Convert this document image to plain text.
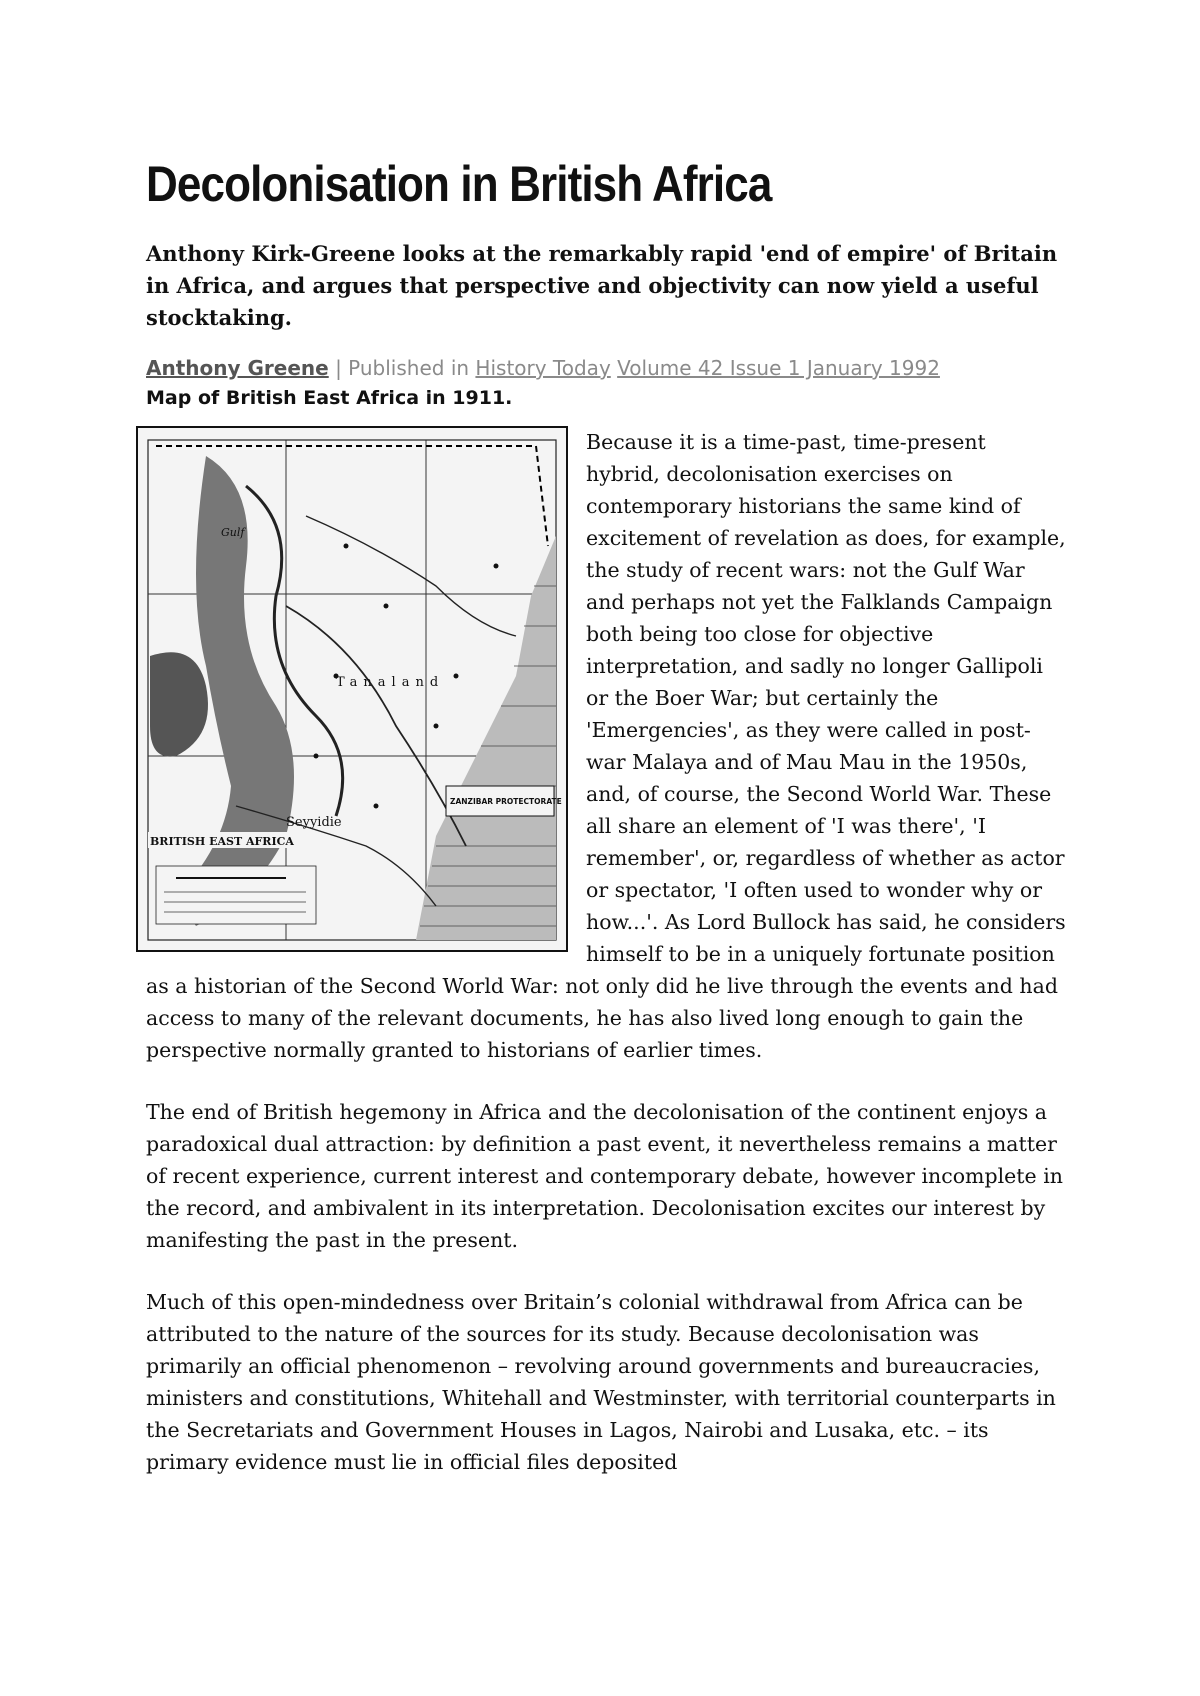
Decolonisation in British Africa

Anthony Kirk-Greene looks at the remarkably rapid 'end of empire' of Britain in Africa, and argues that perspective and objectivity can now yield a useful stocktaking.

Anthony Greene | Published in History Today Volume 42 Issue 1 January 1992
Map of British East Africa in 1911.
Tanaland
Seyyidie
Gulf
ZANZIBAR PROTECTORATE
BRITISH EAST AFRICA

Because it is a time-past, time-present hybrid, decolonisation exercises on contemporary historians the same kind of excitement of revelation as does, for example, the study of recent wars: not the Gulf War and perhaps not yet the Falklands Campaign both being too close for objective interpretation, and sadly no longer Gallipoli or the Boer War; but certainly the 'Emergencies', as they were called in post-war Malaya and of Mau Mau in the 1950s, and, of course, the Second World War. These all share an element of 'I was there', 'I remember', or, regardless of whether as actor or spectator, 'I often used to wonder why or how...'. As Lord Bullock has said, he considers himself to be in a uniquely fortunate position as a historian of the Second World War: not only did he live through the events and had access to many of the relevant documents, he has also lived long enough to gain the perspective normally granted to historians of earlier times.

The end of British hegemony in Africa and the decolonisation of the continent enjoys a paradoxical dual attraction: by definition a past event, it nevertheless remains a matter of recent experience, current interest and contemporary debate, however incomplete in the record, and ambivalent in its interpretation. Decolonisation excites our interest by manifesting the past in the present.

Much of this open-mindedness over Britain’s colonial withdrawal from Africa can be attributed to the nature of the sources for its study. Because decolonisation was primarily an official phenomenon – revolving around governments and bureaucracies, ministers and constitutions, Whitehall and Westminster, with territorial counterparts in the Secretariats and Government Houses in Lagos, Nairobi and Lusaka, etc. – its primary evidence must lie in official files deposited
